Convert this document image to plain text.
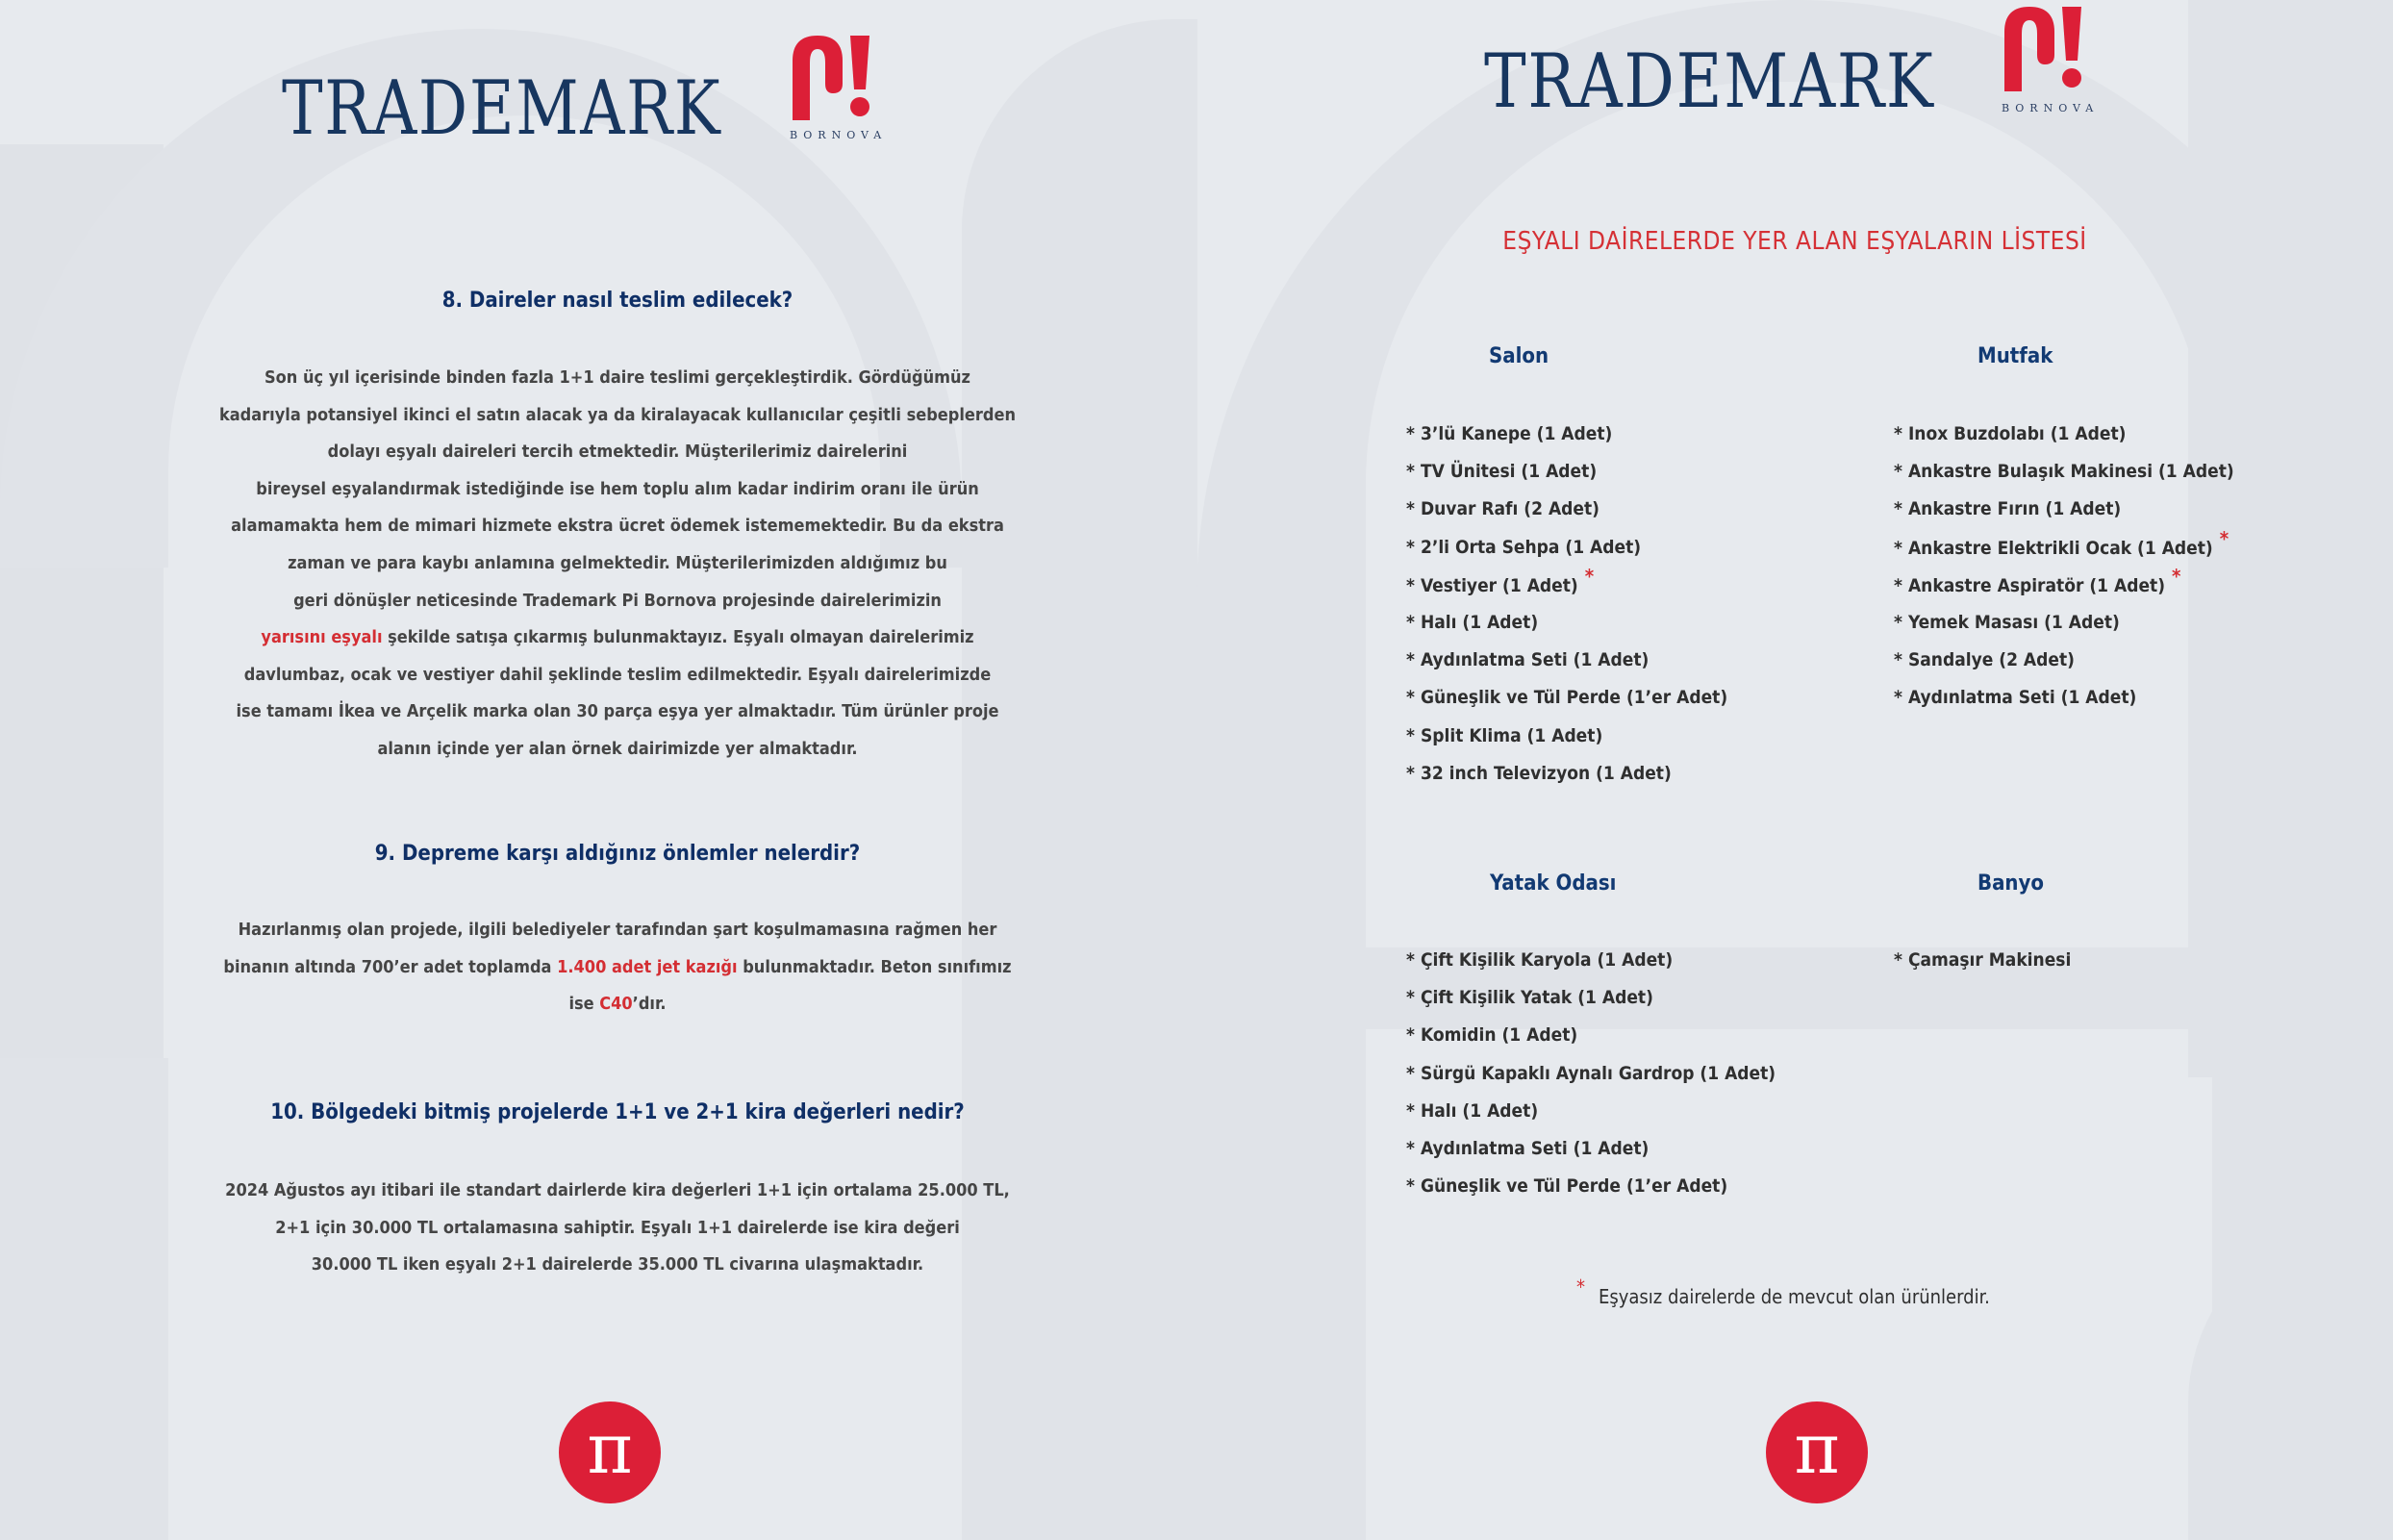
TRADEMARK	BORNOVA
8. Daireler nasıl teslim edilecek?
Son üç yıl içerisinde binden fazla 1+1 daire teslimi gerçekleştirdik. Gördüğümüz
kadarıyla potansiyel ikinci el satın alacak ya da kiralayacak kullanıcılar çeşitli sebeplerden
dolayı eşyalı daireleri tercih etmektedir. Müşterilerimiz dairelerini
bireysel eşyalandırmak istediğinde ise hem toplu alım kadar indirim oranı ile ürün
alamamakta hem de mimari hizmete ekstra ücret ödemek istememektedir. Bu da ekstra
zaman ve para kaybı anlamına gelmektedir. Müşterilerimizden aldığımız bu
geri dönüşler neticesinde Trademark Pi Bornova projesinde dairelerimizin
yarısını eşyalı şekilde satışa çıkarmış bulunmaktayız. Eşyalı olmayan dairelerimiz
davlumbaz, ocak ve vestiyer dahil şeklinde teslim edilmektedir. Eşyalı dairelerimizde
ise tamamı İkea ve Arçelik marka olan 30 parça eşya yer almaktadır. Tüm ürünler proje
alanın içinde yer alan örnek dairimizde yer almaktadır.
9. Depreme karşı aldığınız önlemler nelerdir?
Hazırlanmış olan projede, ilgili belediyeler tarafından şart koşulmamasına rağmen her
binanın altında 700’er adet toplamda 1.400 adet jet kazığı bulunmaktadır. Beton sınıfımız
ise C40’dır.
10. Bölgedeki bitmiş projelerde 1+1 ve 2+1 kira değerleri nedir?
2024 Ağustos ayı itibari ile standart dairlerde kira değerleri 1+1 için ortalama 25.000 TL,
2+1 için 30.000 TL ortalamasına sahiptir. Eşyalı 1+1 dairelerde ise kira değeri
30.000 TL iken eşyalı 2+1 dairelerde 35.000 TL civarına ulaşmaktadır.
π
TRADEMARK	BORNOVA
EŞYALI DAİRELERDE YER ALAN EŞYALARIN LİSTESİ
Salon
* 3’lü Kanepe (1 Adet)
* TV Ünitesi (1 Adet)
* Duvar Rafı (2 Adet)
* 2’li Orta Sehpa (1 Adet)
* Vestiyer (1 Adet) *
* Halı (1 Adet)
* Aydınlatma Seti (1 Adet)
* Güneşlik ve Tül Perde (1’er Adet)
* Split Klima (1 Adet)
* 32 inch Televizyon (1 Adet)
Mutfak
* Inox Buzdolabı (1 Adet)
* Ankastre Bulaşık Makinesi (1 Adet)
* Ankastre Fırın (1 Adet)
* Ankastre Elektrikli Ocak (1 Adet) *
* Ankastre Aspiratör (1 Adet) *
* Yemek Masası (1 Adet)
* Sandalye (2 Adet)
* Aydınlatma Seti (1 Adet)
Yatak Odası
* Çift Kişilik Karyola (1 Adet)
* Çift Kişilik Yatak (1 Adet)
* Komidin (1 Adet)
* Sürgü Kapaklı Aynalı Gardrop (1 Adet)
* Halı (1 Adet)
* Aydınlatma Seti (1 Adet)
* Güneşlik ve Tül Perde (1’er Adet)
Banyo
* Çamaşır Makinesi
* Eşyasız dairelerde de mevcut olan ürünlerdir.
π
